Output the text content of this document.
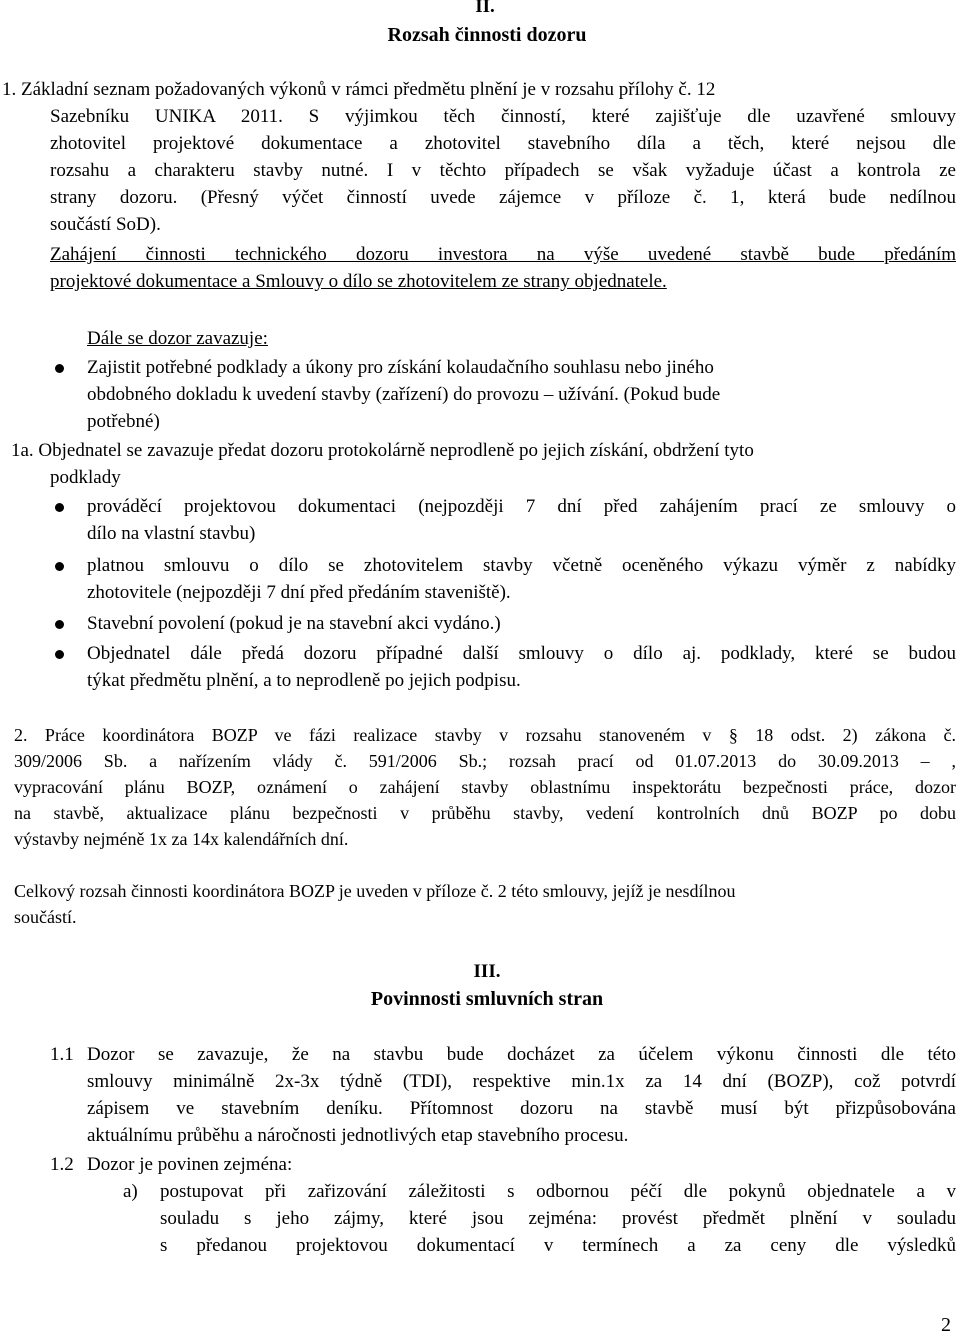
II.
Rozsah činnosti dozoru
1. Základní seznam požadovaných výkonů v rámci předmětu plnění je v rozsahu přílohy č. 12
Sazebníku UNIKA 2011. S výjimkou těch činností, které zajišťuje dle uzavřené smlouvy
zhotovitel projektové dokumentace a zhotovitel stavebního díla a těch, které nejsou dle
rozsahu a charakteru stavby nutné. I v těchto případech se však vyžaduje účast a kontrola ze
strany dozoru. (Přesný výčet činností uvede zájemce v příloze č. 1, která bude nedílnou
součástí SoD).
Zahájení činnosti technického dozoru investora na výše uvedené stavbě bude předáním
projektové dokumentace a Smlouvy o dílo se zhotovitelem ze strany objednatele.
Dále se dozor zavazuje:
Zajistit potřebné podklady a úkony pro získání kolaudačního souhlasu nebo jiného
obdobného dokladu k uvedení stavby (zařízení) do provozu – užívání. (Pokud bude
potřebné)
1a. Objednatel se zavazuje předat dozoru protokolárně neprodleně po jejich získání, obdržení tyto
podklady
prováděcí projektovou dokumentaci (nejpozději 7 dní před zahájením prací ze smlouvy o
dílo na vlastní stavbu)
platnou smlouvu o dílo se zhotovitelem stavby včetně oceněného výkazu výměr z nabídky
zhotovitele (nejpozději 7 dní před předáním staveniště).
Stavební povolení (pokud je na stavební akci vydáno.)
Objednatel dále předá dozoru případné další smlouvy o dílo aj. podklady, které se budou
týkat předmětu plnění, a to neprodleně po jejich podpisu.
2. Práce koordinátora BOZP ve fázi realizace stavby v rozsahu stanoveném v § 18 odst. 2) zákona č.
309/2006 Sb. a nařízením vlády č. 591/2006 Sb.; rozsah prací od 01.07.2013 do 30.09.2013 – ,
vypracování plánu BOZP, oznámení o zahájení stavby oblastnímu inspektorátu bezpečnosti práce, dozor
na stavbě, aktualizace plánu bezpečnosti v průběhu stavby, vedení kontrolních dnů BOZP po dobu
výstavby nejméně 1x za 14x kalendářních dní.
Celkový rozsah činnosti koordinátora BOZP je uveden v příloze č. 2 této smlouvy, jejíž je nesdílnou
součástí.
III.
Povinnosti smluvních stran
1.1 Dozor se zavazuje, že na stavbu bude docházet za účelem výkonu činnosti dle této
smlouvy minimálně 2x-3x týdně (TDI), respektive min.1x za 14 dní (BOZP), což potvrdí
zápisem ve stavebním deníku. Přítomnost dozoru na stavbě musí být přizpůsobována
aktuálnímu průběhu a náročnosti jednotlivých etap stavebního procesu.
1.2 Dozor je povinen zejména:
a) postupovat při zařizování záležitosti s odbornou péčí dle pokynů objednatele a v
souladu s jeho zájmy, které jsou zejména: provést předmět plnění v souladu
s předanou projektovou dokumentací v termínech a za ceny dle výsledků
2
